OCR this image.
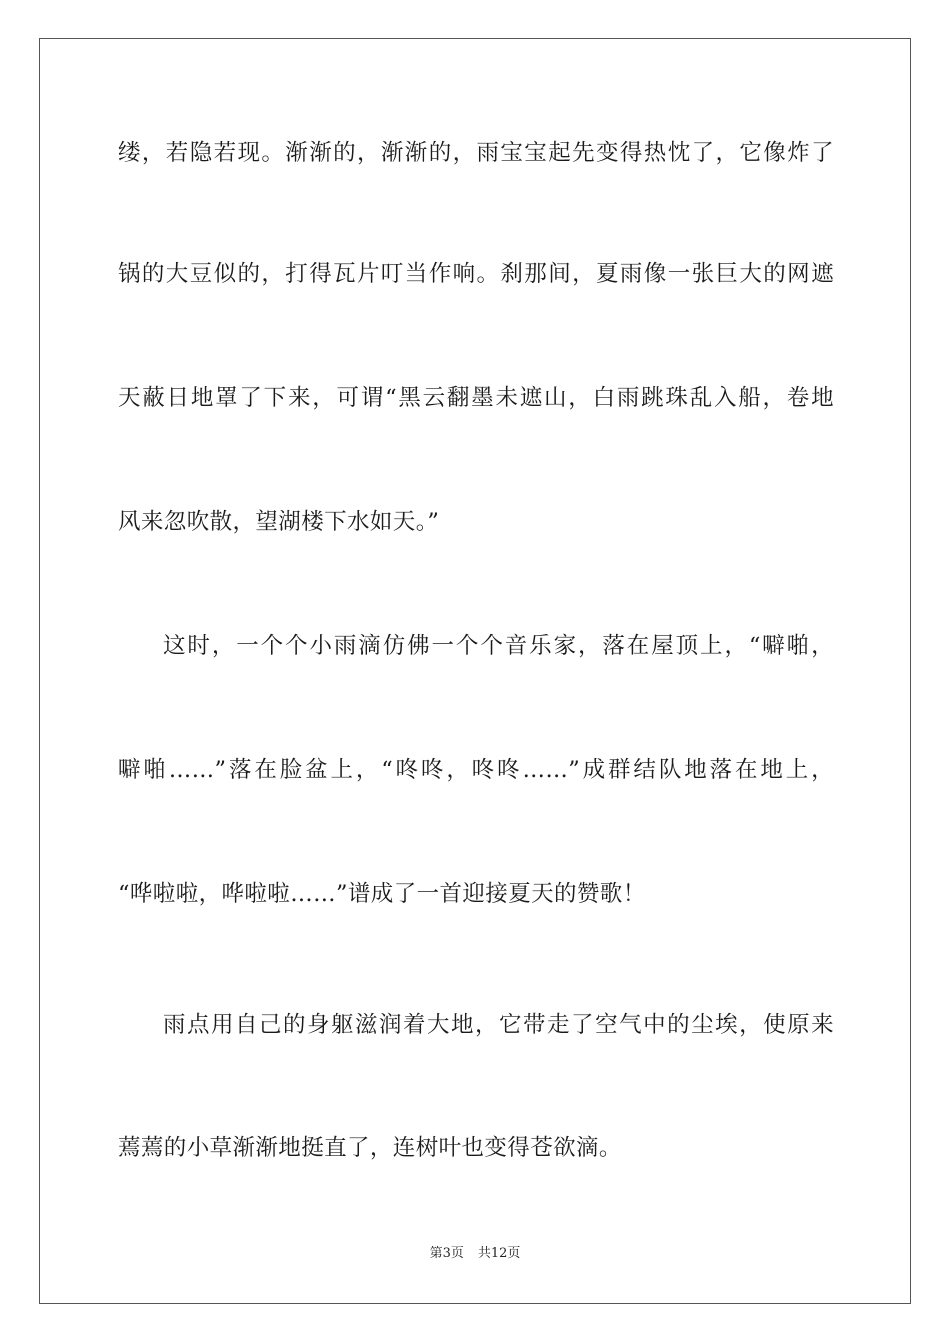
缕，若隐若现。渐渐的，渐渐的，雨宝宝起先变得热忱了，它像炸了
锅的大豆似的，打得瓦片叮当作响。刹那间，夏雨像一张巨大的网遮
天蔽日地罩了下来，可谓“黑云翻墨未遮山，白雨跳珠乱入船，卷地
风来忽吹散，望湖楼下水如天。”
这时，一个个小雨滴仿佛一个个音乐家，落在屋顶上，“噼啪，
噼啪……”落在脸盆上，“咚咚，咚咚……”成群结队地落在地上，
“哗啦啦，哗啦啦……”谱成了一首迎接夏天的赞歌！
雨点用自己的身躯滋润着大地，它带走了空气中的尘埃，使原来
蔫蔫的小草渐渐地挺直了，连树叶也变得苍欲滴。
第3页 共12页
